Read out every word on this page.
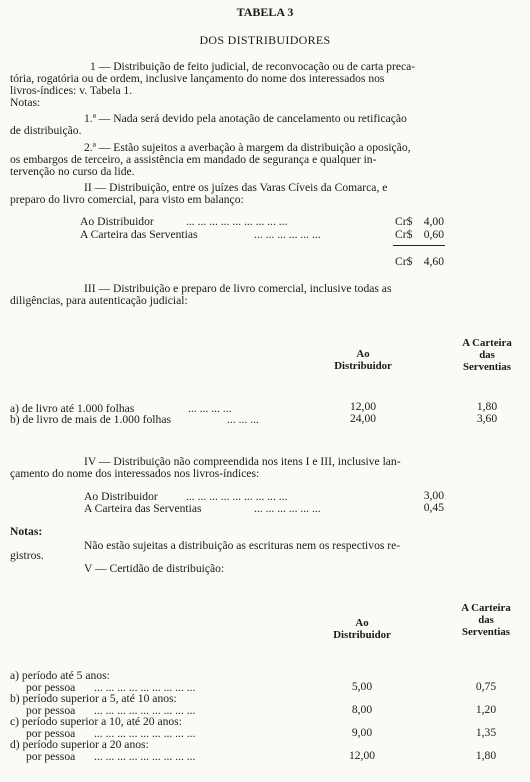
TABELA 3
DOS DISTRIBUIDORES
1 — Distribuição de feito judicial, de reconvocação ou de carta preca-
tória, rogatória ou de ordem, inclusive lançamento do nome dos interessados nos
livros-índices: v. Tabela 1.
Notas:
1.ª — Nada será devido pela anotação de cancelamento ou retificação
de distribuição.
2.ª — Estão sujeitos a averbação à margem da distribuição a oposição,
os embargos de terceiro, a assistência em mandado de segurança e qualquer in-
tervenção no curso da lide.
II — Distribuição, entre os juízes das Varas Cíveis da Comarca, e
preparo do livro comercial, para visto em balanço:
Ao Distribuidor	... ... ... ... ... ... ... ... ...	Cr$ 4,00
A Carteira das Serventias	... ... ... ... ... ...	Cr$ 0,60
Cr$ 4,60
III — Distribuição e preparo de livro comercial, inclusive todas as
diligências, para autenticação judicial:
Ao
Distribuidor
A Carteira
das
Serventias
a) de livro até 1.000 folhas	... ... ... ...	12,00	1,80
b) de livro de mais de 1.000 folhas	... ... ...	24,00	3,60
IV — Distribuição não compreendida nos itens I e III, inclusive lan-
çamento do nome dos interessados nos livros-índices:
Ao Distribuidor ... ... ... ... ... ... ... ... ...	3,00
A Carteira das Serventias	... ... ... ... ... ...	0,45
Notas:
Não estão sujeitas a distribuição as escrituras nem os respectivos re-
gistros.
V — Certidão de distribuição:
Ao
Distribuidor
A Carteira
das
Serventias
a) período até 5 anos:
por pessoa ... ... ... ... ... ... ... ... ...	5,00	0,75
b) período superior a 5, até 10 anos:
por pessoa ... ... ... ... ... ... ... ... ...	8,00	1,20
c) período superior a 10, até 20 anos:
por pessoa ... ... ... ... ... ... ... ... ...	9,00	1,35
d) período superior a 20 anos:
por pessoa ... ... ... ... ... ... ... ... ...	12,00	1,80
